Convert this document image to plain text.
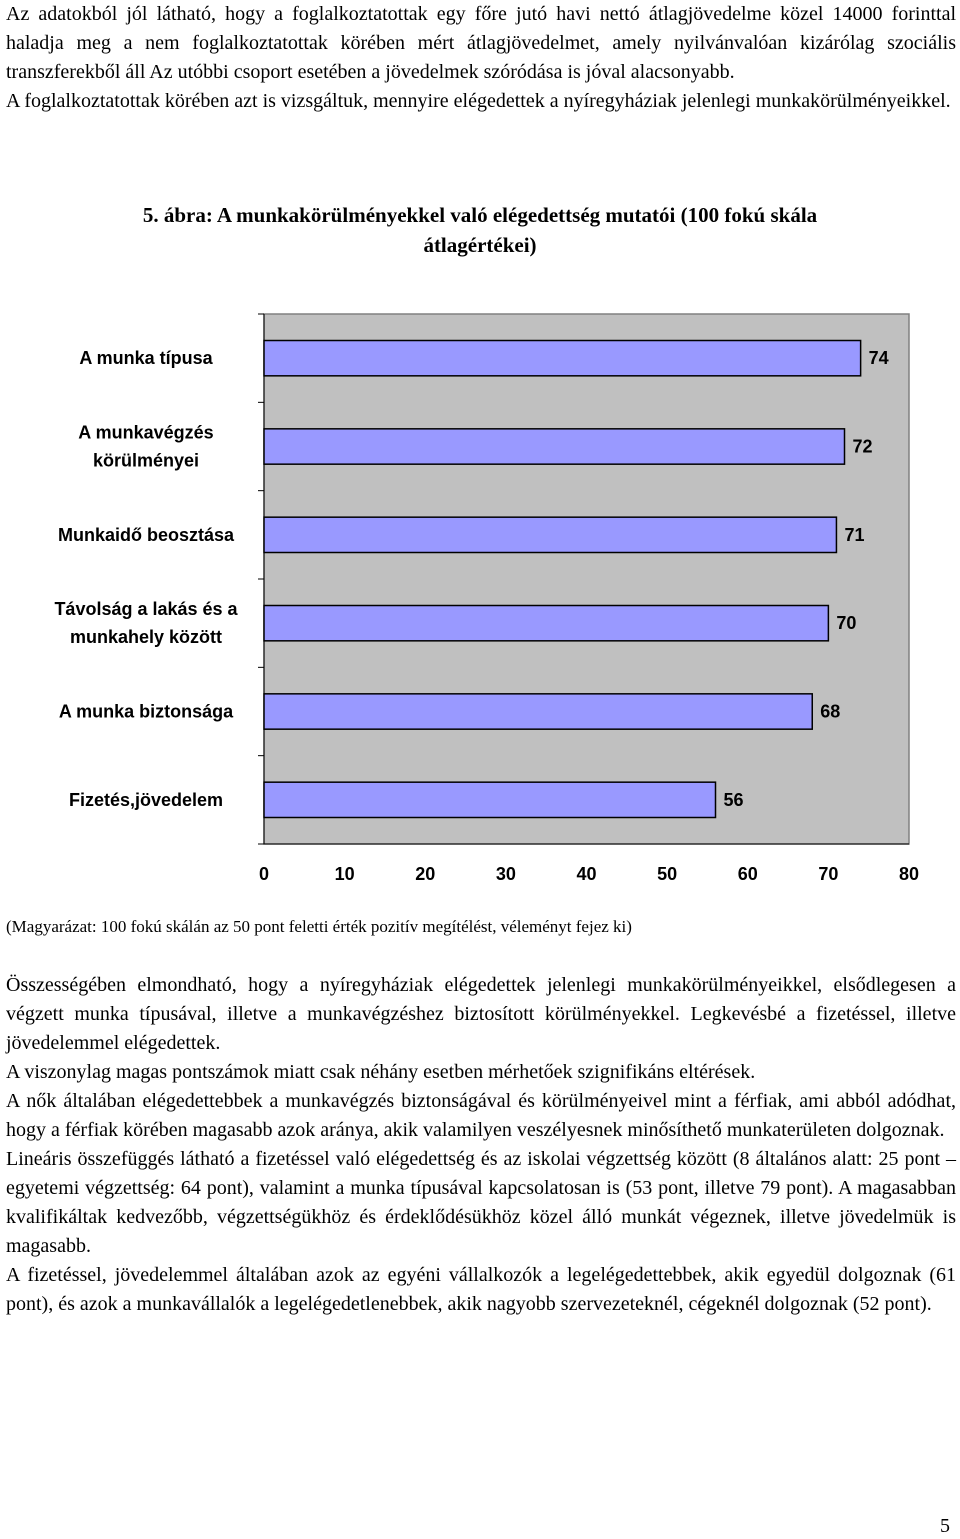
Az adatokból jól látható, hogy a foglalkoztatottak egy főre jutó havi nettó átlagjövedelme közel 14000 forinttal haladja meg a nem foglalkoztatottak körében mért átlagjövedelmet, amely nyilvánvalóan kizárólag szociális transzferekből áll Az utóbbi csoport esetében a jövedelmek szóródása is jóval alacsonyabb.
A foglalkoztatottak körében azt is vizsgáltuk, mennyire elégedettek a nyíregyháziak jelenlegi munkakörülményeikkel.
5. ábra: A munkakörülményekkel való elégedettség mutatói (100 fokú skála
átlagértékei)
74
A munka típusa
72
A munkavégzés körülményei
71
Munkaidő beosztása
70
Távolság a lakás és a munkahely között
68
A munka biztonsága
56
Fizetés,jövedelem
0	10	20	30	40	50	60	70	80
(Magyarázat: 100 fokú skálán az 50 pont feletti érték pozitív megítélést, véleményt fejez ki)
Összességében elmondható, hogy a nyíregyháziak elégedettek jelenlegi munkakörülményeikkel, elsődlegesen a végzett munka típusával, illetve a munkavégzéshez biztosított körülményekkel. Legkevésbé a fizetéssel, illetve jövedelemmel elégedettek.
A viszonylag magas pontszámok miatt csak néhány esetben mérhetőek szignifikáns eltérések.
A nők általában elégedettebbek a munkavégzés biztonságával és körülményeivel mint a férfiak, ami abból adódhat, hogy a férfiak körében magasabb azok aránya, akik valamilyen veszélyesnek minősíthető munkaterületen dolgoznak.
Lineáris összefüggés látható a fizetéssel való elégedettség és az iskolai végzettség között (8 általános alatt: 25 pont – egyetemi végzettség: 64 pont), valamint a munka típusával kapcsolatosan is (53 pont, illetve 79 pont). A magasabban kvalifikáltak kedvezőbb, végzettségükhöz és érdeklődésükhöz közel álló munkát végeznek, illetve jövedelmük is magasabb.
A fizetéssel, jövedelemmel általában azok az egyéni vállalkozók a legelégedettebbek, akik egyedül dolgoznak (61 pont), és azok a munkavállalók a legelégedetlenebbek, akik nagyobb szervezeteknél, cégeknél dolgoznak (52 pont).
5
